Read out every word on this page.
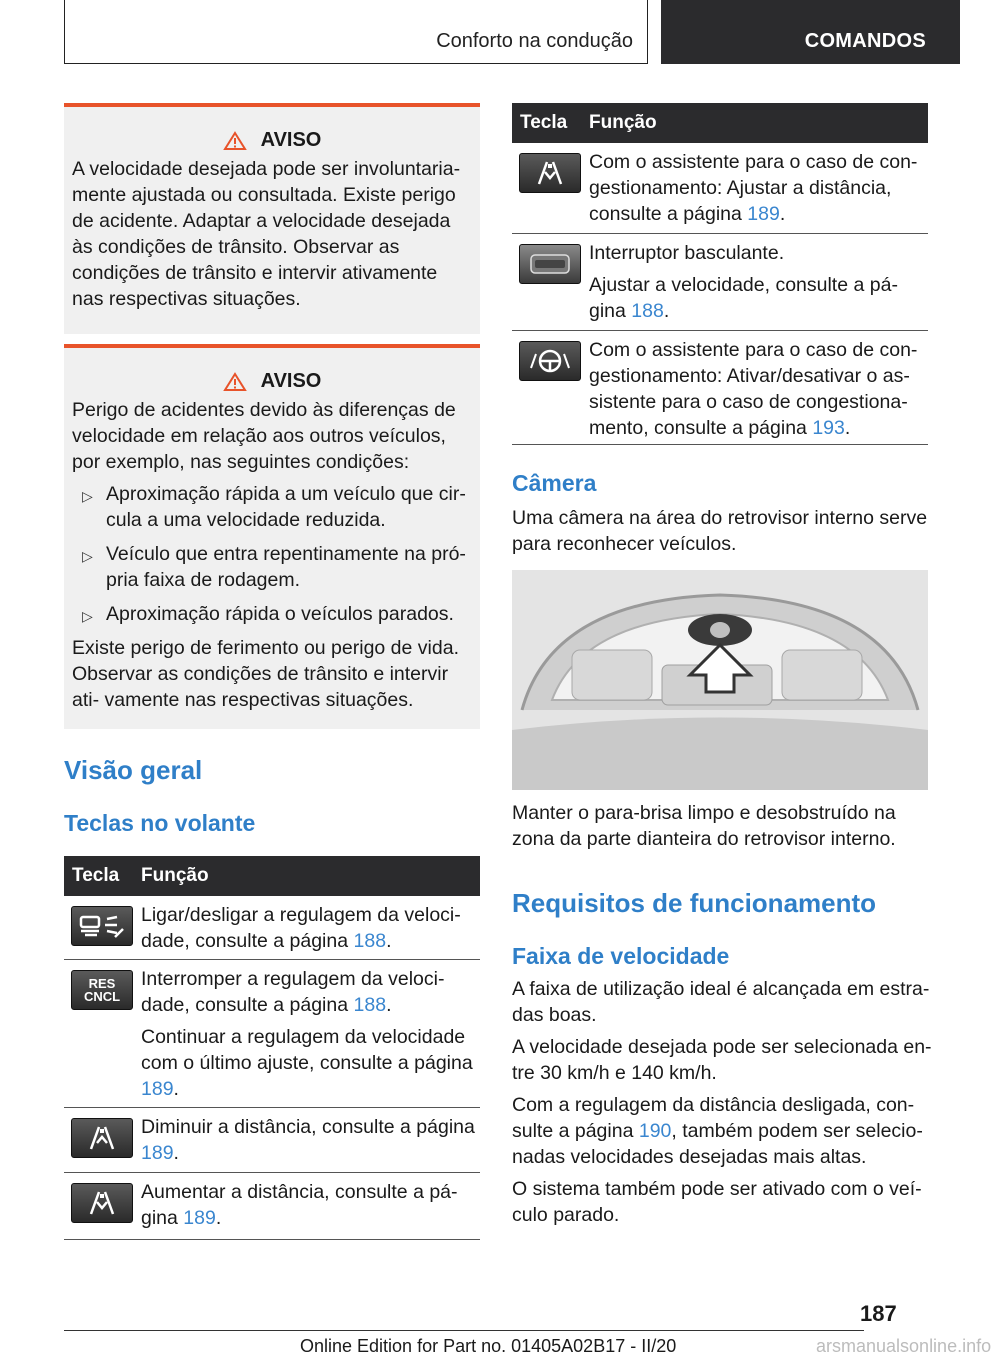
Conforto na condução	COMANDOS
AVISO

A velocidade desejada pode ser involuntaria- mente ajustada ou consultada. Existe perigo de acidente. Adaptar a velocidade desejada às condições de trânsito. Observar as condições de trânsito e intervir ativamente nas respectivas situações.

AVISO

Perigo de acidentes devido às diferenças de velocidade em relação aos outros veículos, por exemplo, nas seguintes condições:

▷ Aproximação rápida a um veículo que cir- cula a uma velocidade reduzida.
▷ Veículo que entra repentinamente na pró- pria faixa de rodagem.
▷ Aproximação rápida o veículos parados.

Existe perigo de ferimento ou perigo de vida. Observar as condições de trânsito e intervir ati- vamente nas respectivas situações.

Visão geral
Teclas no volante
Tecla	Função

Ligar/desligar a regulagem da veloci- dade, consulte a página 188.

RES
CNCL

Interromper a regulagem da veloci- dade, consulte a página 188.

Continuar a regulagem da velocidade com o último ajuste, consulte a página 189.

Diminuir a distância, consulte a página 189.

Aumentar a distância, consulte a pá- gina 189.

Tecla	Função

Com o assistente para o caso de con- gestionamento: Ajustar a distância, consulte a página 189.

Interruptor basculante.

Ajustar a velocidade, consulte a pá- gina 188.

Com o assistente para o caso de con- gestionamento: Ativar/desativar o as- sistente para o caso de congestiona- mento, consulte a página 193.

Câmera

Uma câmera na área do retrovisor interno serve para reconhecer veículos.

Manter o para-brisa limpo e desobstruído na zona da parte dianteira do retrovisor interno.

Requisitos de funcionamento
Faixa de velocidade

A faixa de utilização ideal é alcançada em estra- das boas.

A velocidade desejada pode ser selecionada en- tre 30 km/h e 140 km/h.

Com a regulagem da distância desligada, con- sulte a página 190, também podem ser selecio- nadas velocidades desejadas mais altas.

O sistema também pode ser ativado com o veí- culo parado.

187
Online Edition for Part no. 01405A02B17 - II/20	arsmanualsonline.info
